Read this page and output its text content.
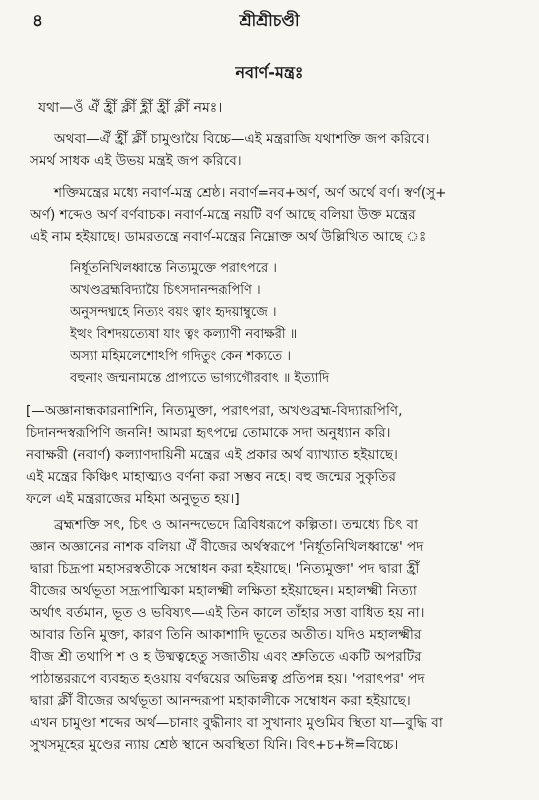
৪	শ্রীশ্রীচণ্ডী
নবার্ণ-মন্ত্রঃ
যথা—ওঁ ঐঁ হ্রীঁ ক্লীঁ হ্লীঁ হ্রীঁ ক্লীঁ নমঃ।
অথবা—ঐঁ হ্রীঁ ক্লীঁ চামুণ্ডায়ৈ বিচ্চে—এই মন্ত্ররাজি যথাশক্তি জপ করিবে।
সমর্থ সাধক এই উভয় মন্ত্রই জপ করিবে।
শক্তিমন্ত্রের মধ্যে নবার্ণ-মন্ত্র শ্রেষ্ঠ। নবার্ণ=নব+অর্ণ, অর্ণ অর্থে বর্ণ। স্বর্ণ(সু+
অর্ণ) শব্দেও অর্ণ বর্ণবাচক। নবার্ণ-মন্ত্রে নয়টি বর্ণ আছে বলিয়া উক্ত মন্ত্রের
এই নাম হইয়াছে। ডামরতন্ত্রে নবার্ণ-মন্ত্রের নিম্নোক্ত অর্থ উল্লিখিত আছে ঃ
নির্ধূতনিখিলধ্বান্তে নিত্যমুক্তে পরাৎপরে ।
অখণ্ডব্রহ্মবিদ্যায়ৈ চিৎসদানন্দরূপিণি ।
অনুসন্দধ্মহে নিত্যং বয়ং ত্বাং হৃদয়াম্বুজে ।
ইত্থং বিশদয়ত্যেষা যাং ত্বং কল্যাণী নবাক্ষরী ॥
অস্যা মহিমলেশোঽপি গদিতুং কেন শক্যতে ।
বহুনাং জন্মনামন্তে প্রাপ্যতে ভাগ্যগৌরবাৎ ॥ ইত্যাদি
[—অজ্ঞানান্ধকারনাশিনি, নিত্যমুক্তা, পরাৎপরা, অখণ্ডব্রহ্ম-বিদ্যারূপিণি,
চিদানন্দস্বরূপিণি জননি! আমরা হৃৎপদ্মে তোমাকে সদা অনুধ্যান করি।
নবাক্ষরী (নবার্ণ) কল্যাণদায়িনী মন্ত্রের এই প্রকার অর্থ ব্যাখ্যাত হইয়াছে।
এই মন্ত্রের কিঞ্চিৎ মাহাত্ম্যও বর্ণনা করা সম্ভব নহে। বহু জন্মের সুকৃতির
ফলে এই মন্ত্ররাজের মহিমা অনুভূত হয়।]
ব্রহ্মশক্তি সৎ, চিৎ ও আনন্দভেদে ত্রিবিধরূপে কল্পিতা। তন্মধ্যে চিৎ বা
জ্ঞান অজ্ঞানের নাশক বলিয়া ঐঁ বীজের অর্থস্বরূপে 'নির্ধূতনিখিলধ্বান্তে' পদ
দ্বারা চিদ্রূপা মহাসরস্বতীকে সম্বোধন করা হইয়াছে। 'নিত্যমুক্তা' পদ দ্বারা হ্রীঁ
বীজের অর্থভূতা সদ্রূপাত্মিকা মহালক্ষ্মী লক্ষিতা হইয়াছেন। মহালক্ষ্মী নিত্যা
অর্থাৎ বর্তমান, ভূত ও ভবিষ্যৎ—এই তিন কালে তাঁহার সত্তা বাধিত হয় না।
আবার তিনি মুক্তা, কারণ তিনি আকাশাদি ভূতের অতীত। যদিও মহালক্ষ্মীর
বীজ শ্রী তথাপি শ ও হ উষ্মত্বহেতু সজাতীয় এবং শ্রুতিতে একটি অপরটির
পাঠান্তররূপে ব্যবহৃত হওয়ায় বর্ণদ্বয়ের অভিন্নত্ব প্রতিপন্ন হয়। 'পরাৎপর' পদ
দ্বারা ক্লীঁ বীজের অর্থভূতা আনন্দরূপা মহাকালীকে সম্বোধন করা হইয়াছে।
এখন চামুণ্ডা শব্দের অর্থ—চানাং বুদ্ধীনাং বা সুখানাং মুণ্ডমিব স্থিতা যা—বুদ্ধি বা
সুখসমূহের মুণ্ডের ন্যায় শ্রেষ্ঠ স্থানে অবস্থিতা যিনি। বিৎ+চ+ঈ=বিচ্চে।
